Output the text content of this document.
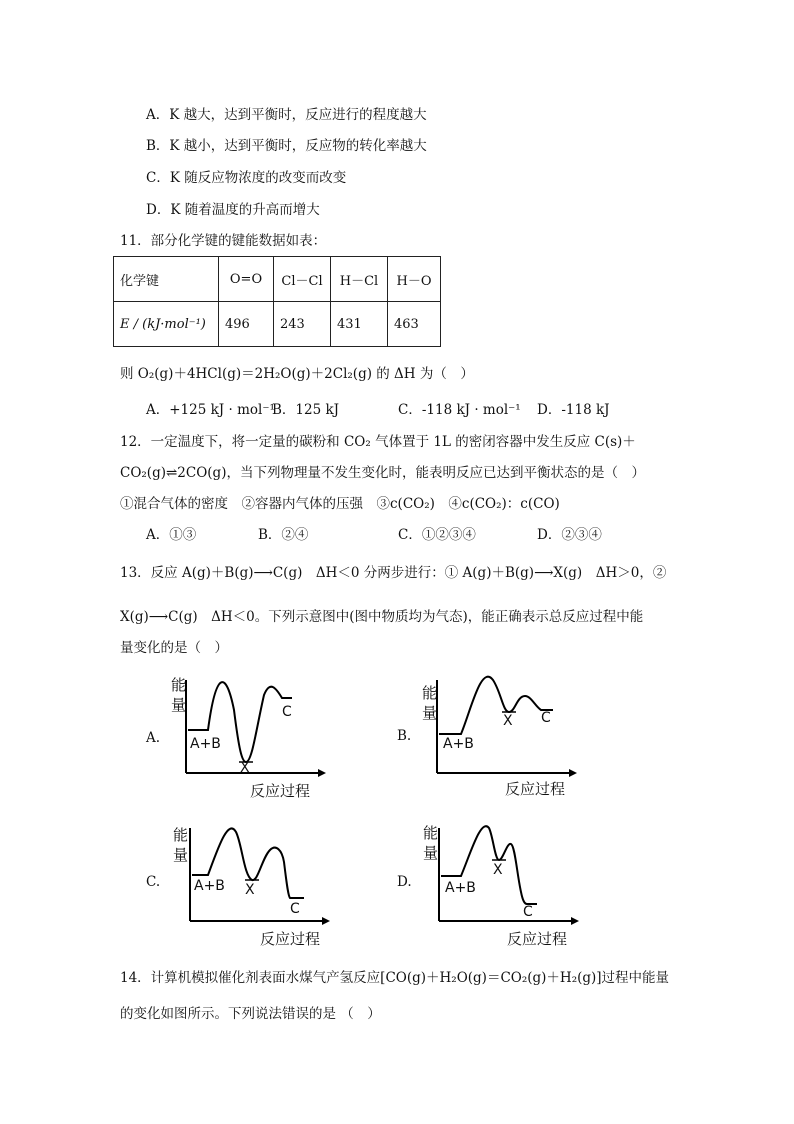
A．K 越大，达到平衡时，反应进行的程度越大
B．K 越小，达到平衡时，反应物的转化率越大
C．K 随反应物浓度的改变而改变
D．K 随着温度的升高而增大
11．部分化学键的键能数据如表：
化学键	O=O	Cl－Cl	H－Cl	H－O
E / (kJ·mol⁻¹)	496	243	431	463
则 O₂(g)＋4HCl(g)＝2H₂O(g)＋2Cl₂(g) 的 ΔH 为（　）
A．+125 kJ · mol⁻¹
B．125 kJ	C．-118 kJ · mol⁻¹ D．-118 kJ
12．一定温度下，将一定量的碳粉和 CO₂ 气体置于 1L 的密闭容器中发生反应 C(s)＋
CO₂(g)⇌2CO(g)，当下列物理量不发生变化时，能表明反应已达到平衡状态的是（　）
①混合气体的密度　②容器内气体的压强　③c(CO₂)　④c(CO₂)：c(CO)
A．①③	B．②④	C．①②③④	D．②③④
13．反应 A(g)＋B(g)⟶C(g)　ΔH＜0 分两步进行：① A(g)＋B(g)⟶X(g)　ΔH＞0，②
X(g)⟶C(g)　ΔH＜0。下列示意图中(图中物质均为气态)，能正确表示总反应过程中能
量变化的是（　）
A.
能
量
A+B
X
C
反应过程
B.
能
量
A+B
X C
反应过程
C.
能
量
A+B X
C
反应过程
D.
能
量
A+B
X
C
反应过程
14．计算机模拟催化剂表面水煤气产氢反应[CO(g)＋H₂O(g)＝CO₂(g)＋H₂(g)]过程中能量
的变化如图所示。下列说法错误的是 （　）
